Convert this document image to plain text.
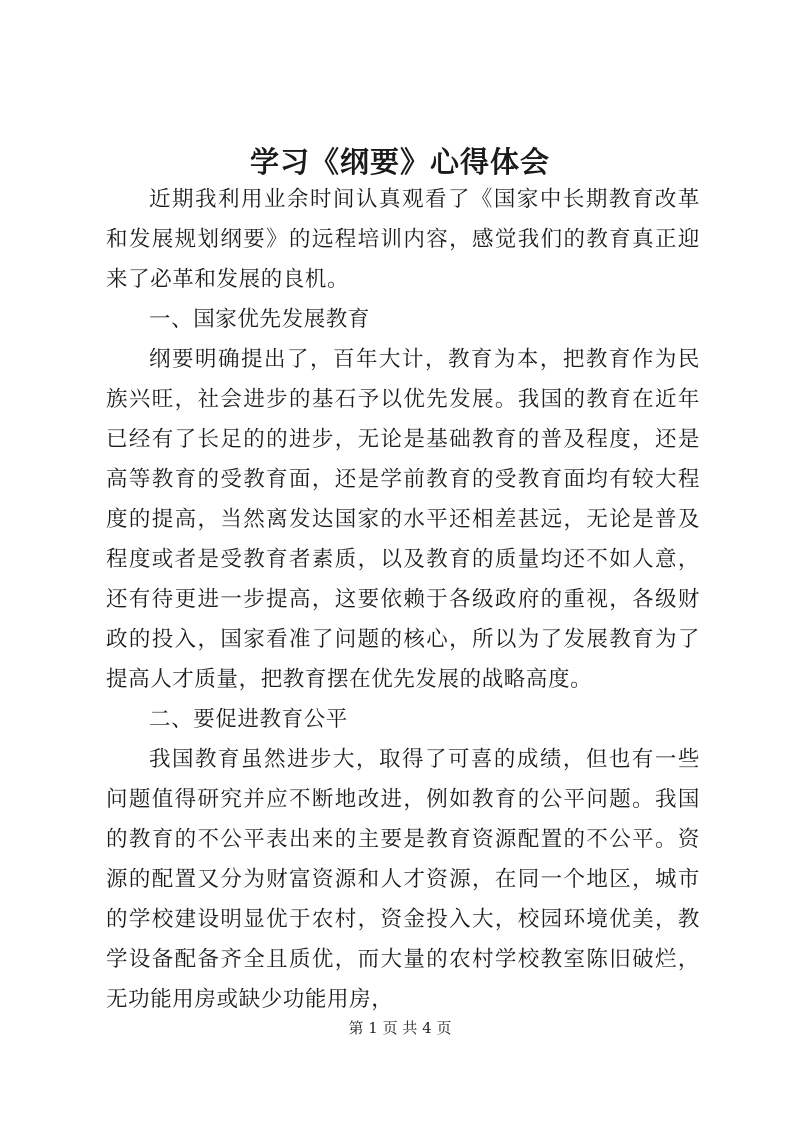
学习《纲要》心得体会

近期我利用业余时间认真观看了《国家中长期教育改革和发展规划纲要》的远程培训内容，感觉我们的教育真正迎来了必革和发展的良机。

一、国家优先发展教育

纲要明确提出了，百年大计，教育为本，把教育作为民族兴旺，社会进步的基石予以优先发展。我国的教育在近年已经有了长足的的进步，无论是基础教育的普及程度，还是高等教育的受教育面，还是学前教育的受教育面均有较大程度的提高，当然离发达国家的水平还相差甚远，无论是普及程度或者是受教育者素质，以及教育的质量均还不如人意，还有待更进一步提高，这要依赖于各级政府的重视，各级财政的投入，国家看准了问题的核心，所以为了发展教育为了提高人才质量，把教育摆在优先发展的战略高度。

二、要促进教育公平

我国教育虽然进步大，取得了可喜的成绩，但也有一些问题值得研究并应不断地改进，例如教育的公平问题。我国的教育的不公平表出来的主要是教育资源配置的不公平。资源的配置又分为财富资源和人才资源，在同一个地区，城市的学校建设明显优于农村，资金投入大，校园环境优美，教学设备配备齐全且质优，而大量的农村学校教室陈旧破烂，无功能用房或缺少功能用房，

第 1 页 共 4 页
